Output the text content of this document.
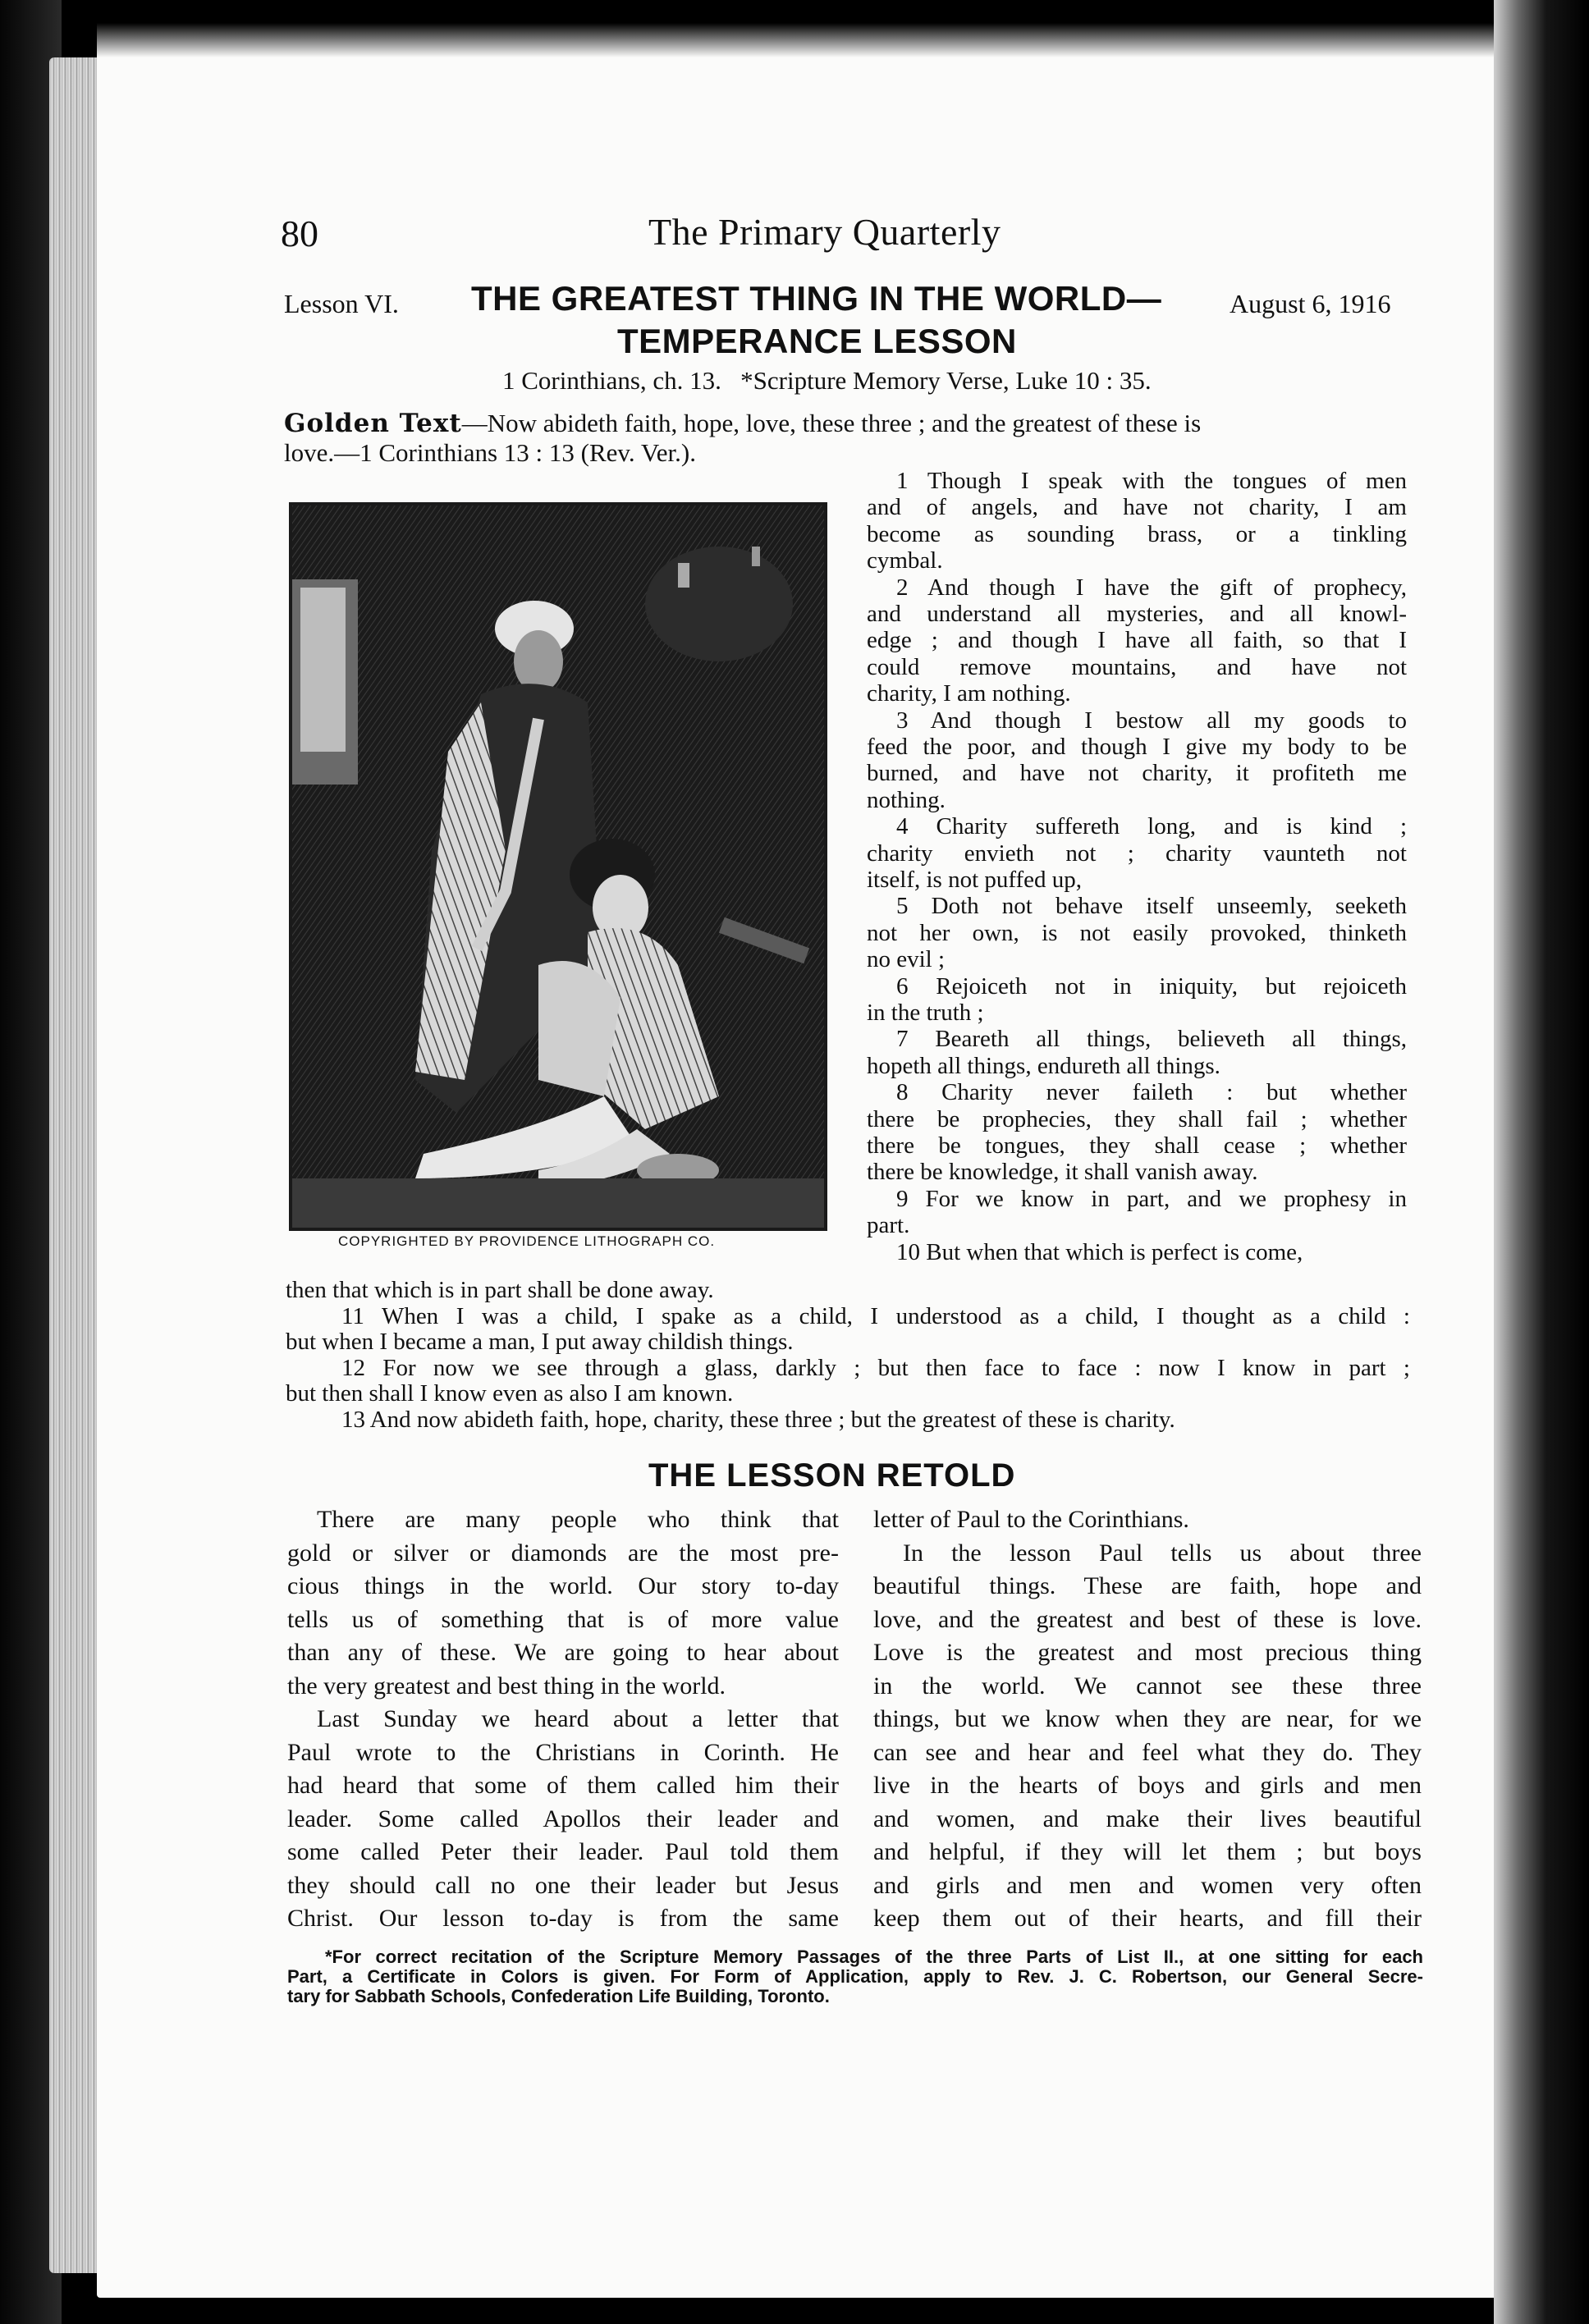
80	The Primary Quarterly
Lesson VI. THE GREATEST THING IN THE WORLD—	August 6, 1916
TEMPERANCE LESSON
1 Corinthians, ch. 13.   *Scripture Memory Verse, Luke 10 : 35.
Golden Text—Now abideth faith, hope, love, these three ; and the greatest of these is
love.—1 Corinthians 13 : 13 (Rev. Ver.).
COPYRIGHTED BY PROVIDENCE LITHOGRAPH CO.
1 Though I speak with the tongues of men
and of angels, and have not charity, I am
become as sounding brass, or a tinkling
cymbal.
2 And though I have the gift of prophecy,
and understand all mysteries, and all knowl-
edge ; and though I have all faith, so that I
could remove mountains, and have not
charity, I am nothing.
3 And though I bestow all my goods to
feed the poor, and though I give my body to be
burned, and have not charity, it profiteth me
nothing.
4 Charity suffereth long, and is kind ;
charity envieth not ; charity vaunteth not
itself, is not puffed up,
5 Doth not behave itself unseemly, seeketh
not her own, is not easily provoked, thinketh
no evil ;
6 Rejoiceth not in iniquity, but rejoiceth
in the truth ;
7 Beareth all things, believeth all things,
hopeth all things, endureth all things.
8 Charity never faileth : but whether
there be prophecies, they shall fail ; whether
there be tongues, they shall cease ; whether
there be knowledge, it shall vanish away.
9 For we know in part, and we prophesy in
part.
10 But when that which is perfect is come,
then that which is in part shall be done away.
11 When I was a child, I spake as a child, I understood as a child, I thought as a child :
but when I became a man, I put away childish things.
12 For now we see through a glass, darkly ; but then face to face : now I know in part ;
but then shall I know even as also I am known.
13 And now abideth faith, hope, charity, these three ; but the greatest of these is charity.
THE LESSON RETOLD
There are many people who think that
gold or silver or diamonds are the most pre-
cious things in the world. Our story to-day
tells us of something that is of more value
than any of these. We are going to hear about
the very greatest and best thing in the world.
Last Sunday we heard about a letter that
Paul wrote to the Christians in Corinth. He
had heard that some of them called him their
leader. Some called Apollos their leader and
some called Peter their leader. Paul told them
they should call no one their leader but Jesus
Christ. Our lesson to-day is from the same
letter of Paul to the Corinthians.
In the lesson Paul tells us about three
beautiful things. These are faith, hope and
love, and the greatest and best of these is love.
Love is the greatest and most precious thing
in the world. We cannot see these three
things, but we know when they are near, for we
can see and hear and feel what they do. They
live in the hearts of boys and girls and men
and women, and make their lives beautiful
and helpful, if they will let them ; but boys
and girls and men and women very often
keep them out of their hearts, and fill their
*For correct recitation of the Scripture Memory Passages of the three Parts of List II., at one sitting for each
Part, a Certificate in Colors is given. For Form of Application, apply to Rev. J. C. Robertson, our General Secre-
tary for Sabbath Schools, Confederation Life Building, Toronto.
